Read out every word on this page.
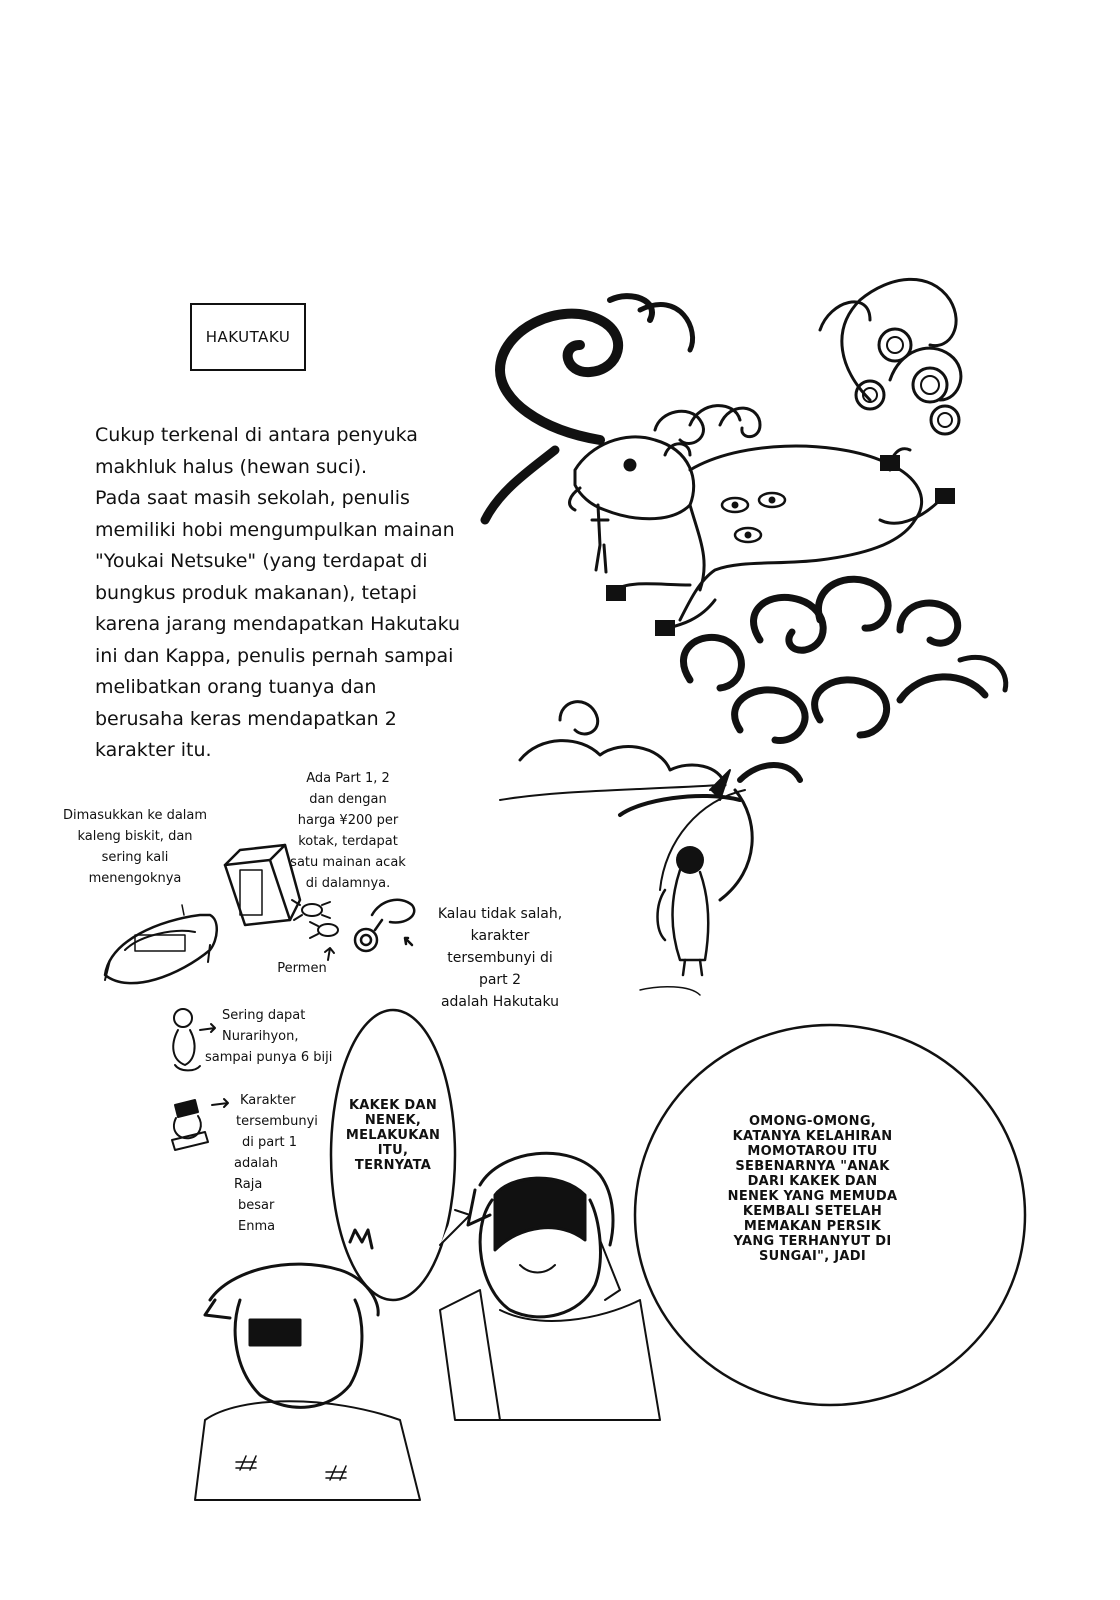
HAKUTAKU
Cukup terkenal di antara penyuka
makhluk halus (hewan suci).
Pada saat masih sekolah, penulis
memiliki hobi mengumpulkan mainan
"Youkai Netsuke" (yang terdapat di
bungkus produk makanan), tetapi
karena jarang mendapatkan Hakutaku
ini dan Kappa, penulis pernah sampai
melibatkan orang tuanya dan
berusaha keras mendapatkan 2
karakter itu.
Ada Part 1, 2
dan dengan
harga ¥200 per
kotak, terdapat
satu mainan acak
di dalamnya.
Dimasukkan ke dalam
kaleng biskit, dan
sering kali
menengoknya
Permen
Kalau tidak salah,
karakter
tersembunyi di
part 2
adalah Hakutaku
Sering dapat
Nurarihyon,
sampai punya 6 biji
Karakter
tersembunyi
di part 1
adalah Raja
besar Enma
KAKEK DAN
NENEK,
MELAKUKAN
ITU,
TERNYATA
OMONG-OMONG,
KATANYA KELAHIRAN
MOMOTAROU ITU
SEBENARNYA "ANAK
DARI KAKEK DAN
NENEK YANG MEMUDA
KEMBALI SETELAH
MEMAKAN PERSIK
YANG TERHANYUT DI
SUNGAI", JADI
